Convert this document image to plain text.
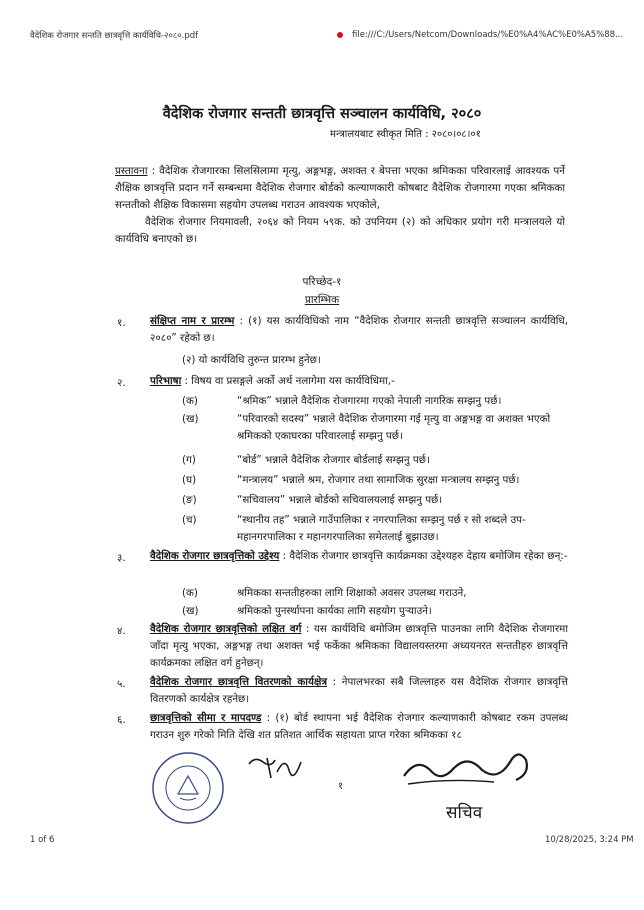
वैदेशिक रोजगार सन्तति छात्रवृत्ति कार्यविधि-२०८०.pdf	file:///C:/Users/Netcom/Downloads/%E0%A4%AC%E0%A5%88...
वैदेशिक रोजगार सन्तती छात्रवृत्ति सञ्चालन कार्यविधि, २०८०
मन्त्रालयबाट स्वीकृत मिति : २०८०।०८।०१
प्रस्तावना : वैदेशिक रोजगारका सिलसिलामा मृत्यु, अङ्गभङ्ग, अशक्त र बेपत्ता भएका श्रमिकका परिवारलाई आवश्यक पर्ने शैक्षिक छात्रवृत्ति प्रदान गर्ने सम्बन्धमा वैदेशिक रोजगार बोर्डको कल्याणकारी कोषबाट वैदेशिक रोजगारमा गएका श्रमिकका सन्ततीको शैक्षिक विकासमा सहयोग उपलब्ध गराउन आवश्यक भएकोले,
वैदेशिक रोजगार नियमावली, २०६४ को नियम ५९क. को उपनियम (२) को अधिकार प्रयोग गरी मन्त्रालयले यो कार्यविधि बनाएको छ।
परिच्छेद-१
प्रारम्भिक
१. संक्षिप्त नाम र प्रारम्भ : (१) यस कार्यविधिको नाम “वैदेशिक रोजगार सन्तती छात्रवृत्ति सञ्चालन कार्यविधि, २०८०” रहेको छ।
(२) यो कार्यविधि तुरुन्त प्रारम्भ हुनेछ।
२. परिभाषा : विषय वा प्रसङ्गले अर्को अर्थ नलागेमा यस कार्यविधिमा,-
(क)	“श्रमिक” भन्नाले वैदेशिक रोजगारमा गएको नेपाली नागरिक सम्झनु पर्छ।
(ख)	“परिवारको सदस्य” भन्नाले वैदेशिक रोजगारमा गई मृत्यु वा अङ्गभङ्ग वा अशक्त भएको श्रमिकको एकाघरका परिवारलाई सम्झनु पर्छ।
(ग)	“बोर्ड” भन्नाले वैदेशिक रोजगार बोर्डलाई सम्झनु पर्छ।
(घ)	“मन्त्रालय” भन्नाले श्रम, रोजगार तथा सामाजिक सुरक्षा मन्त्रालय सम्झनु पर्छ।
(ङ)	“सचिवालय” भन्नाले बोर्डको सचिवालयलाई सम्झनु पर्छ।
(च)	“स्थानीय तह” भन्नाले गाउँपालिका र नगरपालिका सम्झनु पर्छ र सो शब्दले उप-महानगरपालिका र महानगरपालिका समेतलाई बुझाउछ।
३. वैदेशिक रोजगार छात्रवृत्तिको उद्देश्य : वैदेशिक रोजगार छात्रवृत्ति कार्यक्रमका उद्देश्यहरु देहाय बमोजिम रहेका छन्:-
(क)	श्रमिकका सन्ततीहरुका लागि शिक्षाको अवसर उपलब्ध गराउने,
(ख)	श्रमिकको पुनर्स्थापना कार्यका लागि सहयोग पुऱ्याउने।
४. वैदेशिक रोजगार छात्रवृत्तिको लक्षित वर्ग : यस कार्यविधि बमोजिम छात्रवृत्ति पाउनका लागि वैदेशिक रोजगारमा जाँदा मृत्यु भएका, अङ्गभङ्ग तथा अशक्त भई फर्केका श्रमिकका विद्यालयस्तरमा अध्ययनरत सन्ततीहरु छात्रवृत्ति कार्यक्रमका लक्षित वर्ग हुनेछन्।
५. वैदेशिक रोजगार छात्रवृत्ति वितरणको कार्यक्षेत्र : नेपालभरका सबै जिल्लाहरु यस वैदेशिक रोजगार छात्रवृत्ति वितरणको कार्यक्षेत्र रहनेछ।
६. छात्रवृत्तिको सीमा र मापदण्ड : (१) बोर्ड स्थापना भई वैदेशिक रोजगार कल्याणकारी कोषबाट रकम उपलब्ध गराउन शुरु गरेको मिति देखि शत प्रतिशत आर्थिक सहायता प्राप्त गरेका श्रमिकका १८
१
सचिव
1 of 6	10/28/2025, 3:24 PM
